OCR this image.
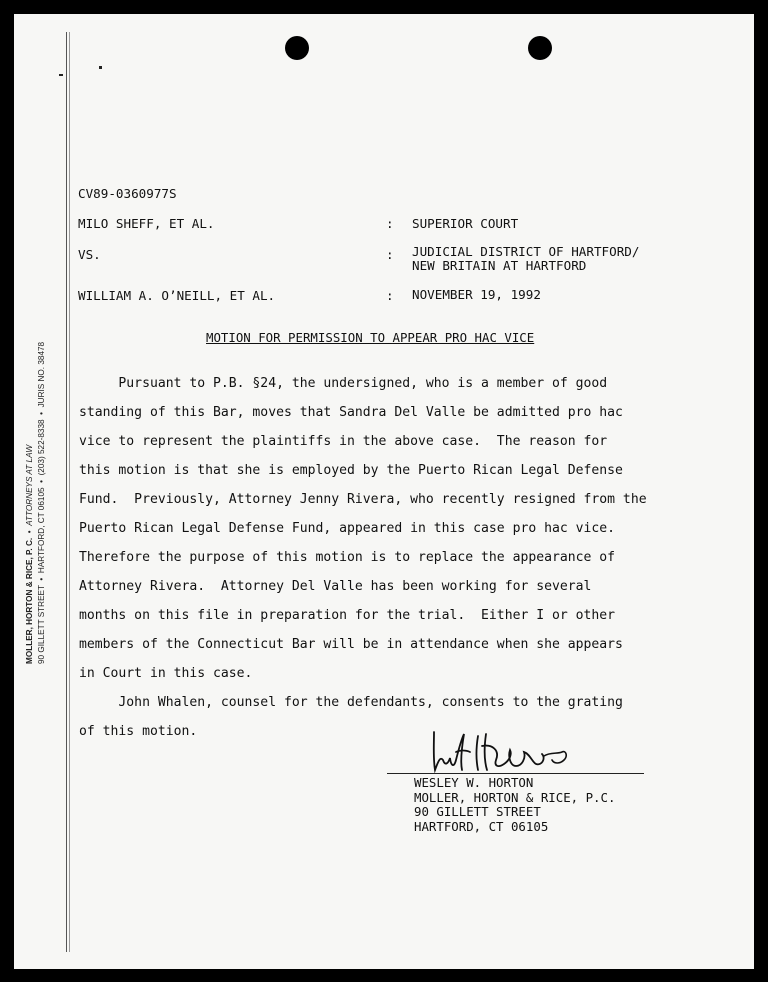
MOLLER, HORTON & RICE, P. C.  •  ATTORNEYS AT LAW
90 GILLETT STREET  •  HARTFORD, CT 06105  •  (203) 522-8338  •  JURIS NO. 38478
CV89-0360977S
MILO SHEFF, ET AL.	: SUPERIOR COURT
VS.	: JUDICIAL DISTRICT OF HARTFORD/
NEW BRITAIN AT HARTFORD
WILLIAM A. O’NEILL, ET AL.	: NOVEMBER 19, 1992
MOTION FOR PERMISSION TO APPEAR PRO HAC VICE

Pursuant to P.B. §24, the undersigned, who is a member of good

standing of this Bar, moves that Sandra Del Valle be admitted pro hac

vice to represent the plaintiffs in the above case.  The reason for

this motion is that she is employed by the Puerto Rican Legal Defense

Fund.  Previously, Attorney Jenny Rivera, who recently resigned from the

Puerto Rican Legal Defense Fund, appeared in this case pro hac vice.

Therefore the purpose of this motion is to replace the appearance of

Attorney Rivera.  Attorney Del Valle has been working for several

months on this file in preparation for the trial.  Either I or other

members of the Connecticut Bar will be in attendance when she appears

in Court in this case.

John Whalen, counsel for the defendants, consents to the grating

of this motion.

WESLEY W. HORTON
MOLLER, HORTON & RICE, P.C.
90 GILLETT STREET
HARTFORD, CT 06105
